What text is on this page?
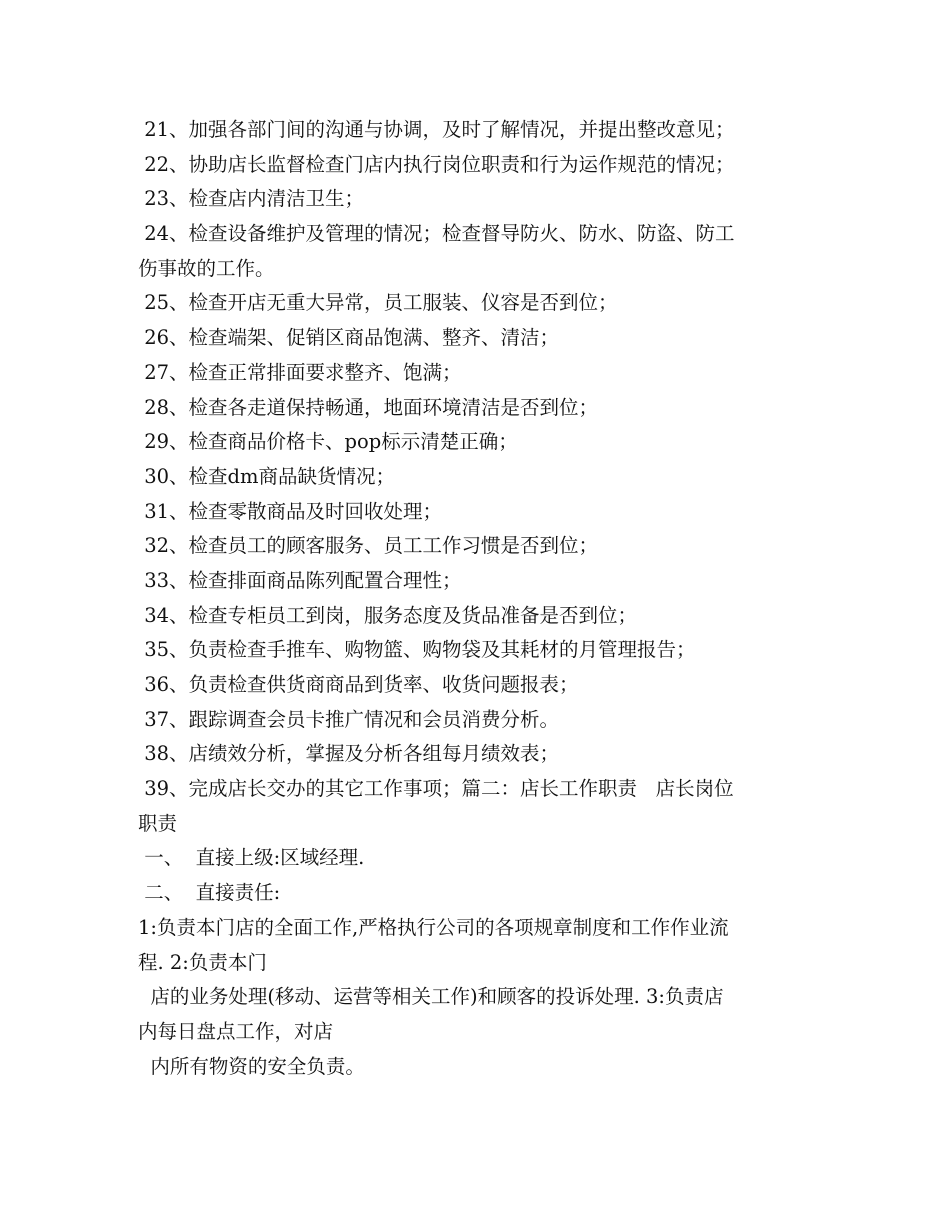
21、加强各部门间的沟通与协调，及时了解情况，并提出整改意见；
22、协助店长监督检查门店内执行岗位职责和行为运作规范的情况；
23、检查店内清洁卫生；
24、检查设备维护及管理的情况；检查督导防火、防水、防盗、防工
伤事故的工作。
25、检查开店无重大异常，员工服装、仪容是否到位；
26、检查端架、促销区商品饱满、整齐、清洁；
27、检查正常排面要求整齐、饱满；
28、检查各走道保持畅通，地面环境清洁是否到位；
29、检查商品价格卡、pop标示清楚正确；
30、检查dm商品缺货情况；
31、检查零散商品及时回收处理；
32、检查员工的顾客服务、员工工作习惯是否到位；
33、检查排面商品陈列配置合理性；
34、检查专柜员工到岗，服务态度及货品准备是否到位；
35、负责检查手推车、购物篮、购物袋及其耗材的月管理报告；
36、负责检查供货商商品到货率、收货问题报表；
37、跟踪调查会员卡推广情况和会员消费分析。
38、店绩效分析，掌握及分析各组每月绩效表；
39、完成店长交办的其它工作事项；篇二：店长工作职责   店长岗位
职责
一、  直接上级:区域经理.
二、  直接责任:
1:负责本门店的全面工作,严格执行公司的各项规章制度和工作作业流
程. 2:负责本门
店的业务处理(移动、运营等相关工作)和顾客的投诉处理. 3:负责店
内每日盘点工作，对店
内所有物资的安全负责。
